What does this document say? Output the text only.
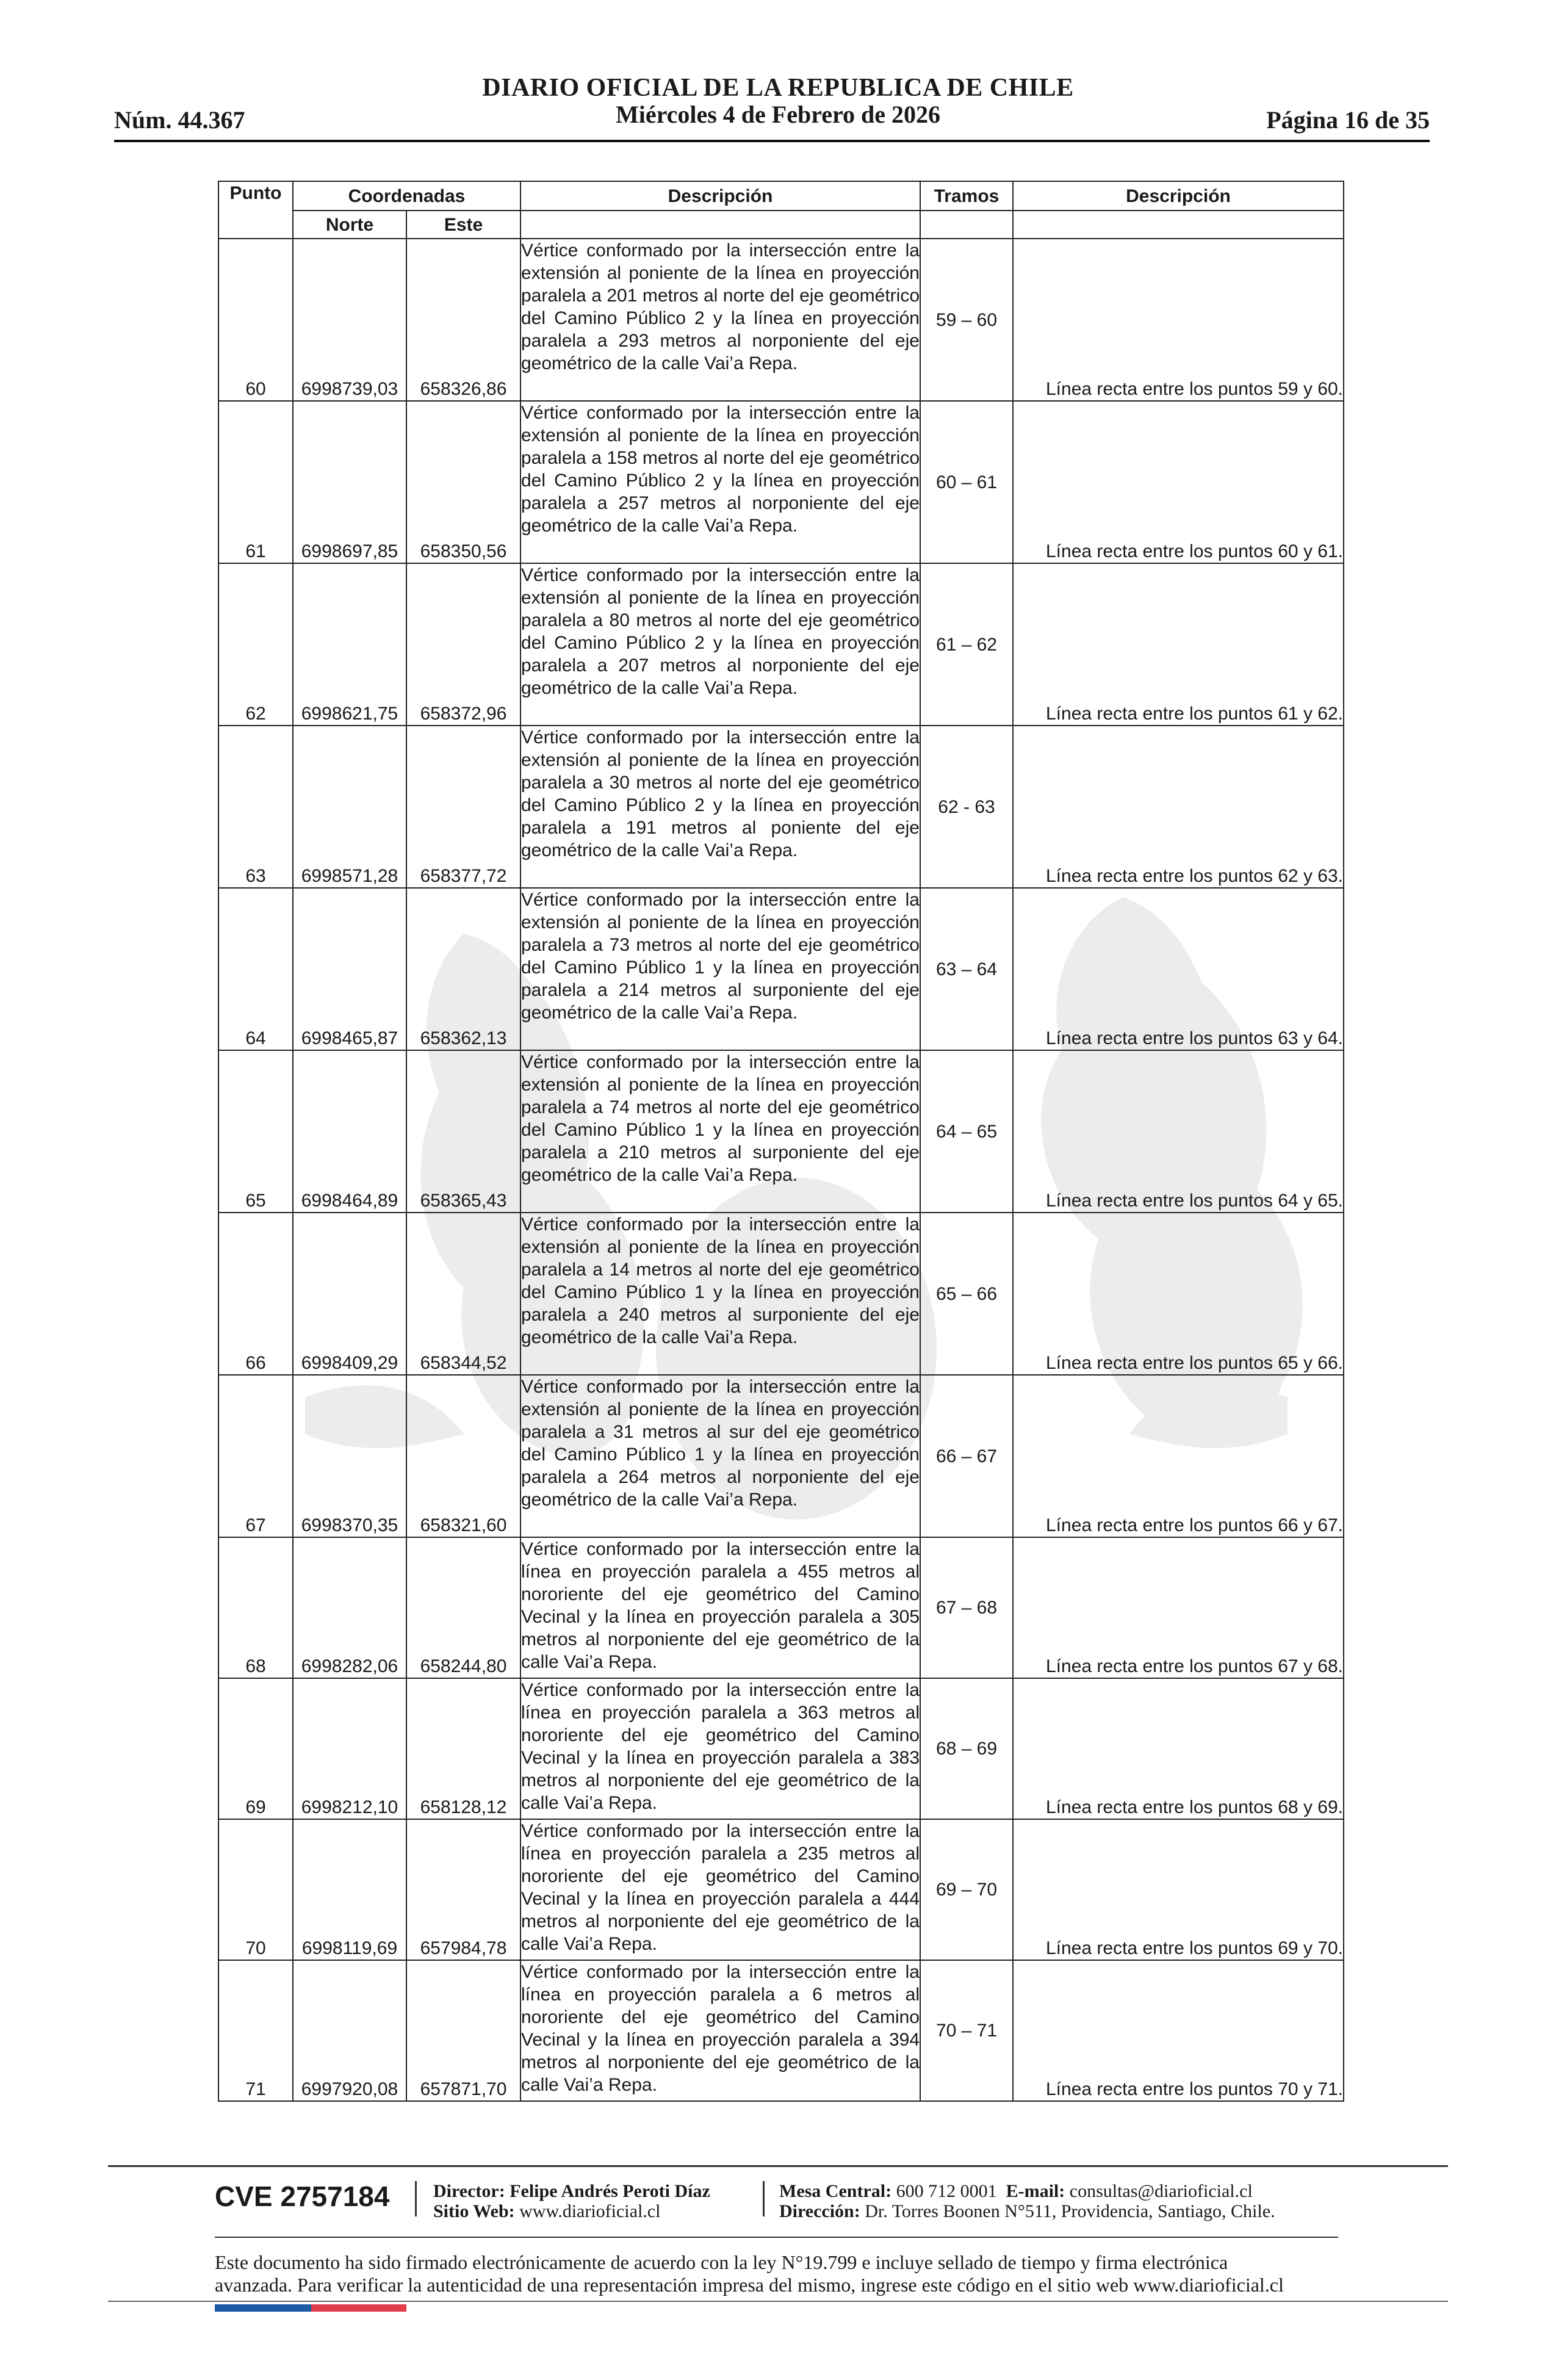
DIARIO OFICIAL DE LA REPUBLICA DE CHILE
Miércoles 4 de Febrero de 2026
Núm. 44.367	Página 16 de 35
Punto	Coordenadas		Descripción	Tramos	Descripción
	Norte	Este			
60	6998739,03	658326,86	Vértice conformado por la intersección entre la extensión al poniente de la línea en proyección paralela a 201 metros al norte del eje geométrico del Camino Público 2 y la línea en proyección paralela a 293 metros al norponiente del eje geométrico de la calle Vai’a Repa.	59 – 60	Línea recta entre los puntos 59 y 60.
61	6998697,85	658350,56	Vértice conformado por la intersección entre la extensión al poniente de la línea en proyección paralela a 158 metros al norte del eje geométrico del Camino Público 2 y la línea en proyección paralela a 257 metros al norponiente del eje geométrico de la calle Vai’a Repa.	60 – 61	Línea recta entre los puntos 60 y 61.
62	6998621,75	658372,96	Vértice conformado por la intersección entre la extensión al poniente de la línea en proyección paralela a 80 metros al norte del eje geométrico del Camino Público 2 y la línea en proyección paralela a 207 metros al norponiente del eje geométrico de la calle Vai’a Repa.	61 – 62	Línea recta entre los puntos 61 y 62.
63	6998571,28	658377,72	Vértice conformado por la intersección entre la extensión al poniente de la línea en proyección paralela a 30 metros al norte del eje geométrico del Camino Público 2 y la línea en proyección paralela a 191 metros al poniente del eje geométrico de la calle Vai’a Repa.	62 - 63	Línea recta entre los puntos 62 y 63.
64	6998465,87	658362,13	Vértice conformado por la intersección entre la extensión al poniente de la línea en proyección paralela a 73 metros al norte del eje geométrico del Camino Público 1 y la línea en proyección paralela a 214 metros al surponiente del eje geométrico de la calle Vai’a Repa.	63 – 64	Línea recta entre los puntos 63 y 64.
65	6998464,89	658365,43	Vértice conformado por la intersección entre la extensión al poniente de la línea en proyección paralela a 74 metros al norte del eje geométrico del Camino Público 1 y la línea en proyección paralela a 210 metros al surponiente del eje geométrico de la calle Vai’a Repa.	64 – 65	Línea recta entre los puntos 64 y 65.
66	6998409,29	658344,52	Vértice conformado por la intersección entre la extensión al poniente de la línea en proyección paralela a 14 metros al norte del eje geométrico del Camino Público 1 y la línea en proyección paralela a 240 metros al surponiente del eje geométrico de la calle Vai’a Repa.	65 – 66	Línea recta entre los puntos 65 y 66.
67	6998370,35	658321,60	Vértice conformado por la intersección entre la extensión al poniente de la línea en proyección paralela a 31 metros al sur del eje geométrico del Camino Público 1 y la línea en proyección paralela a 264 metros al norponiente del eje geométrico de la calle Vai’a Repa.	66 – 67	Línea recta entre los puntos 66 y 67.
68	6998282,06	658244,80	Vértice conformado por la intersección entre la línea en proyección paralela a 455 metros al nororiente del eje geométrico del Camino Vecinal y la línea en proyección paralela a 305 metros al norponiente del eje geométrico de la calle Vai’a Repa.	67 – 68	Línea recta entre los puntos 67 y 68.
69	6998212,10	658128,12	Vértice conformado por la intersección entre la línea en proyección paralela a 363 metros al nororiente del eje geométrico del Camino Vecinal y la línea en proyección paralela a 383 metros al norponiente del eje geométrico de la calle Vai’a Repa.	68 – 69	Línea recta entre los puntos 68 y 69.
70	6998119,69	657984,78	Vértice conformado por la intersección entre la línea en proyección paralela a 235 metros al nororiente del eje geométrico del Camino Vecinal y la línea en proyección paralela a 444 metros al norponiente del eje geométrico de la calle Vai’a Repa.	69 – 70	Línea recta entre los puntos 69 y 70.
71	6997920,08	657871,70	Vértice conformado por la intersección entre la línea en proyección paralela a 6 metros al nororiente del eje geométrico del Camino Vecinal y la línea en proyección paralela a 394 metros al norponiente del eje geométrico de la calle Vai’a Repa.	70 – 71	Línea recta entre los puntos 70 y 71.
CVE 2757184 Director: Felipe Andrés Peroti Díaz
Sitio Web: www.diarioficial.cl
Mesa Central: 600 712 0001 E-mail: consultas@diarioficial.cl
Dirección: Dr. Torres Boonen N°511, Providencia, Santiago, Chile.
Este documento ha sido firmado electrónicamente de acuerdo con la ley N°19.799 e incluye sellado de tiempo y firma electrónica
avanzada. Para verificar la autenticidad de una representación impresa del mismo, ingrese este código en el sitio web www.diarioficial.cl
